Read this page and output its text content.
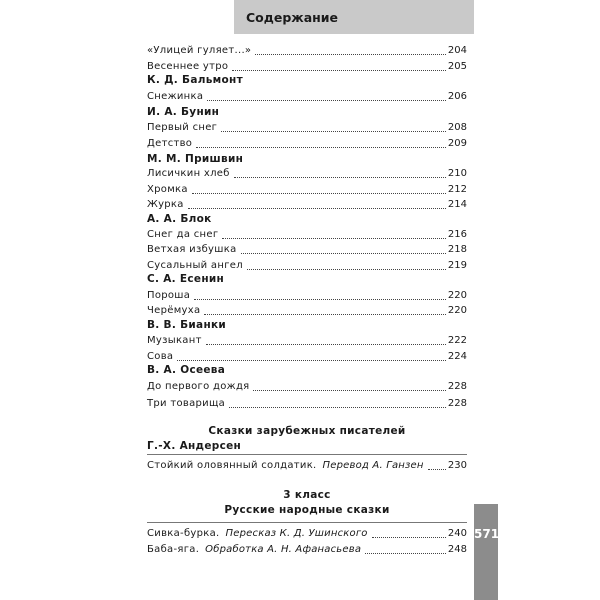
Содержание
571
«Улицей гуляет...»	204
Весеннее утро	205
К. Д. Бальмонт
Снежинка	206
И. А. Бунин
Первый снег	208
Детство	209
М. М. Пришвин
Лисичкин хлеб	210
Хромка	212
Журка	214
А. А. Блок
Снег да снег	216
Ветхая избушка	218
Сусальный ангел	219
С. А. Есенин
Пороша	220
Черёмуха	220
В. В. Бианки
Музыкант	222
Сова	224
В. А. Осеева
До первого дождя	228
Три товарища	228
Сказки зарубежных писателей
Г.-Х. Андерсен
Стойкий оловянный солдатик. Перевод А. Ганзен 230
3 класс
Русские народные сказки
Сивка-бурка. Пересказ К. Д. Ушинского	240
Баба-яга. Обработка А. Н. Афанасьева	248
